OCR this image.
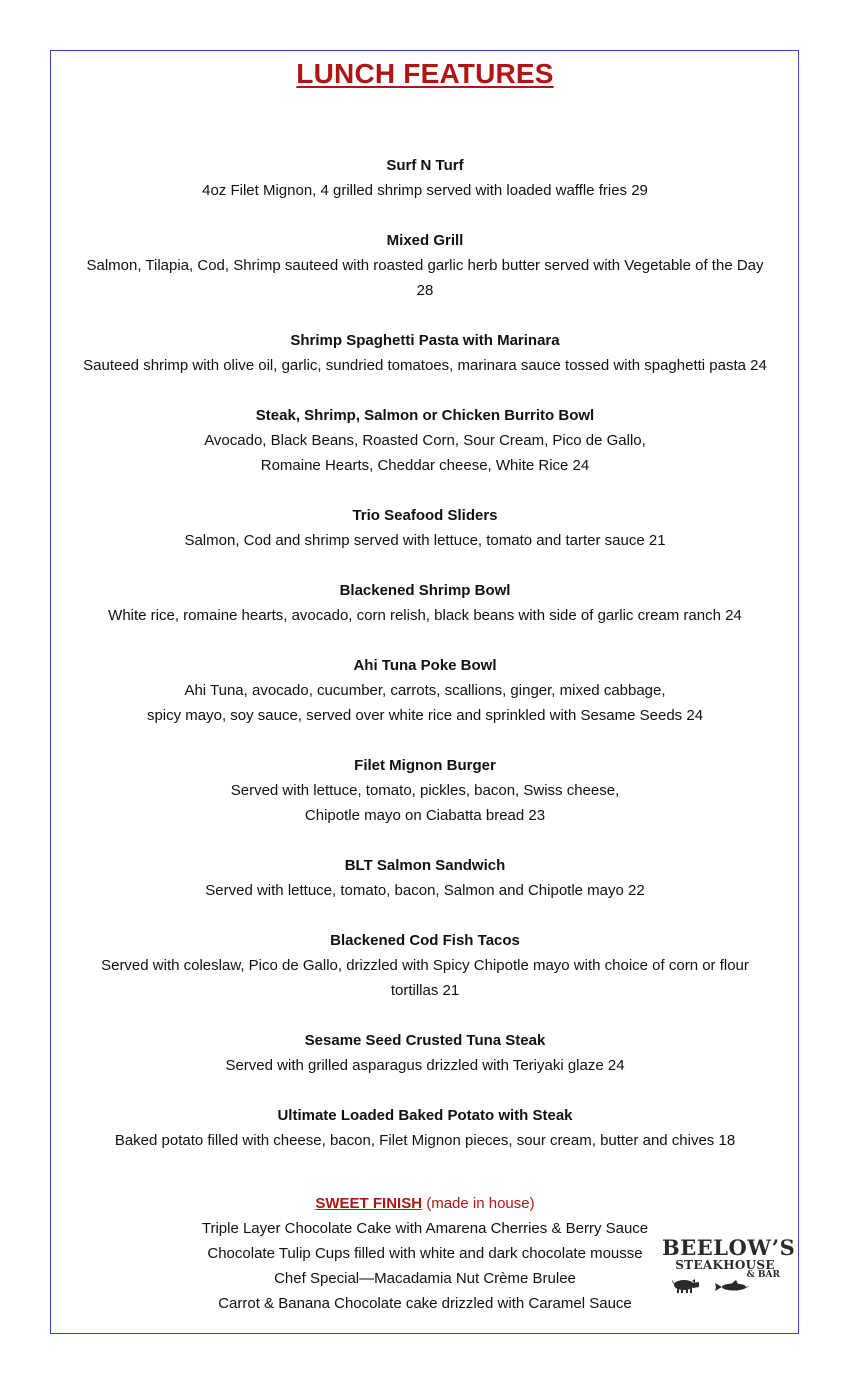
LUNCH FEATURES
Surf N Turf
4oz Filet Mignon, 4 grilled shrimp served with loaded waffle fries 29
Mixed Grill
Salmon, Tilapia, Cod, Shrimp sauteed with roasted garlic herb butter served with Vegetable of the Day
28
Shrimp Spaghetti Pasta with Marinara
Sauteed shrimp with olive oil, garlic, sundried tomatoes, marinara sauce tossed with spaghetti pasta 24
Steak, Shrimp, Salmon or Chicken Burrito Bowl
Avocado, Black Beans, Roasted Corn, Sour Cream, Pico de Gallo,
Romaine Hearts, Cheddar cheese, White Rice 24
Trio Seafood Sliders
Salmon, Cod and shrimp served with lettuce, tomato and tarter sauce 21
Blackened Shrimp Bowl
White rice, romaine hearts, avocado, corn relish, black beans with side of garlic cream ranch 24
Ahi Tuna Poke Bowl
Ahi Tuna, avocado, cucumber, carrots, scallions, ginger, mixed cabbage,
spicy mayo, soy sauce, served over white rice and sprinkled with Sesame Seeds 24
Filet Mignon Burger
Served with lettuce, tomato, pickles, bacon, Swiss cheese,
Chipotle mayo on Ciabatta bread 23
BLT Salmon Sandwich
Served with lettuce, tomato, bacon, Salmon and Chipotle mayo 22
Blackened Cod Fish Tacos
Served with coleslaw, Pico de Gallo, drizzled with Spicy Chipotle mayo with choice of corn or flour
tortillas 21
Sesame Seed Crusted Tuna Steak
Served with grilled asparagus drizzled with Teriyaki glaze 24
Ultimate Loaded Baked Potato with Steak
Baked potato filled with cheese, bacon, Filet Mignon pieces, sour cream, butter and chives 18
SWEET FINISH (made in house)
Triple Layer Chocolate Cake with Amarena Cherries & Berry Sauce
Chocolate Tulip Cups filled with white and dark chocolate mousse
Chef Special—Macadamia Nut Crème Brulee
Carrot & Banana Chocolate cake drizzled with Caramel Sauce
BEELOW’S
STEAKHOUSE
& BAR
